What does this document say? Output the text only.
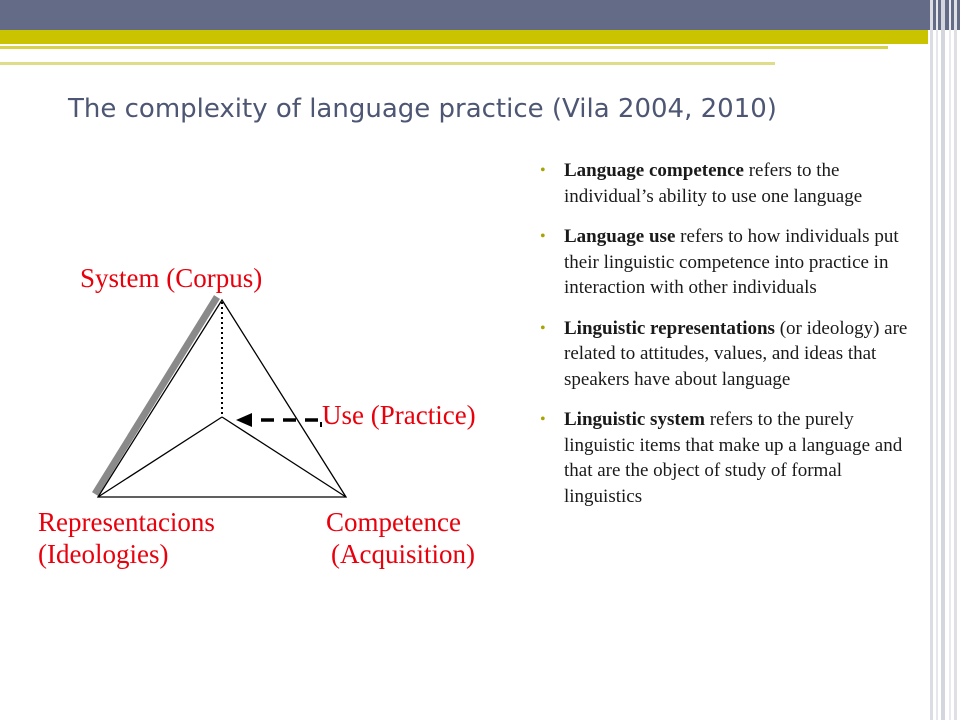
The complexity of language practice (Vila 2004, 2010)
System (Corpus)
Use (Practice)
Representacions
(Ideologies)
Competence
(Acquisition)
• Language competence refers to the individual’s ability to use one language
• Language use refers to how individuals put their linguistic competence into practice in interaction with other individuals
• Linguistic representations (or ideology) are related to attitudes, values, and ideas that speakers have about language
• Linguistic system refers to the purely linguistic items that make up a language and that are the object of study of formal linguistics
